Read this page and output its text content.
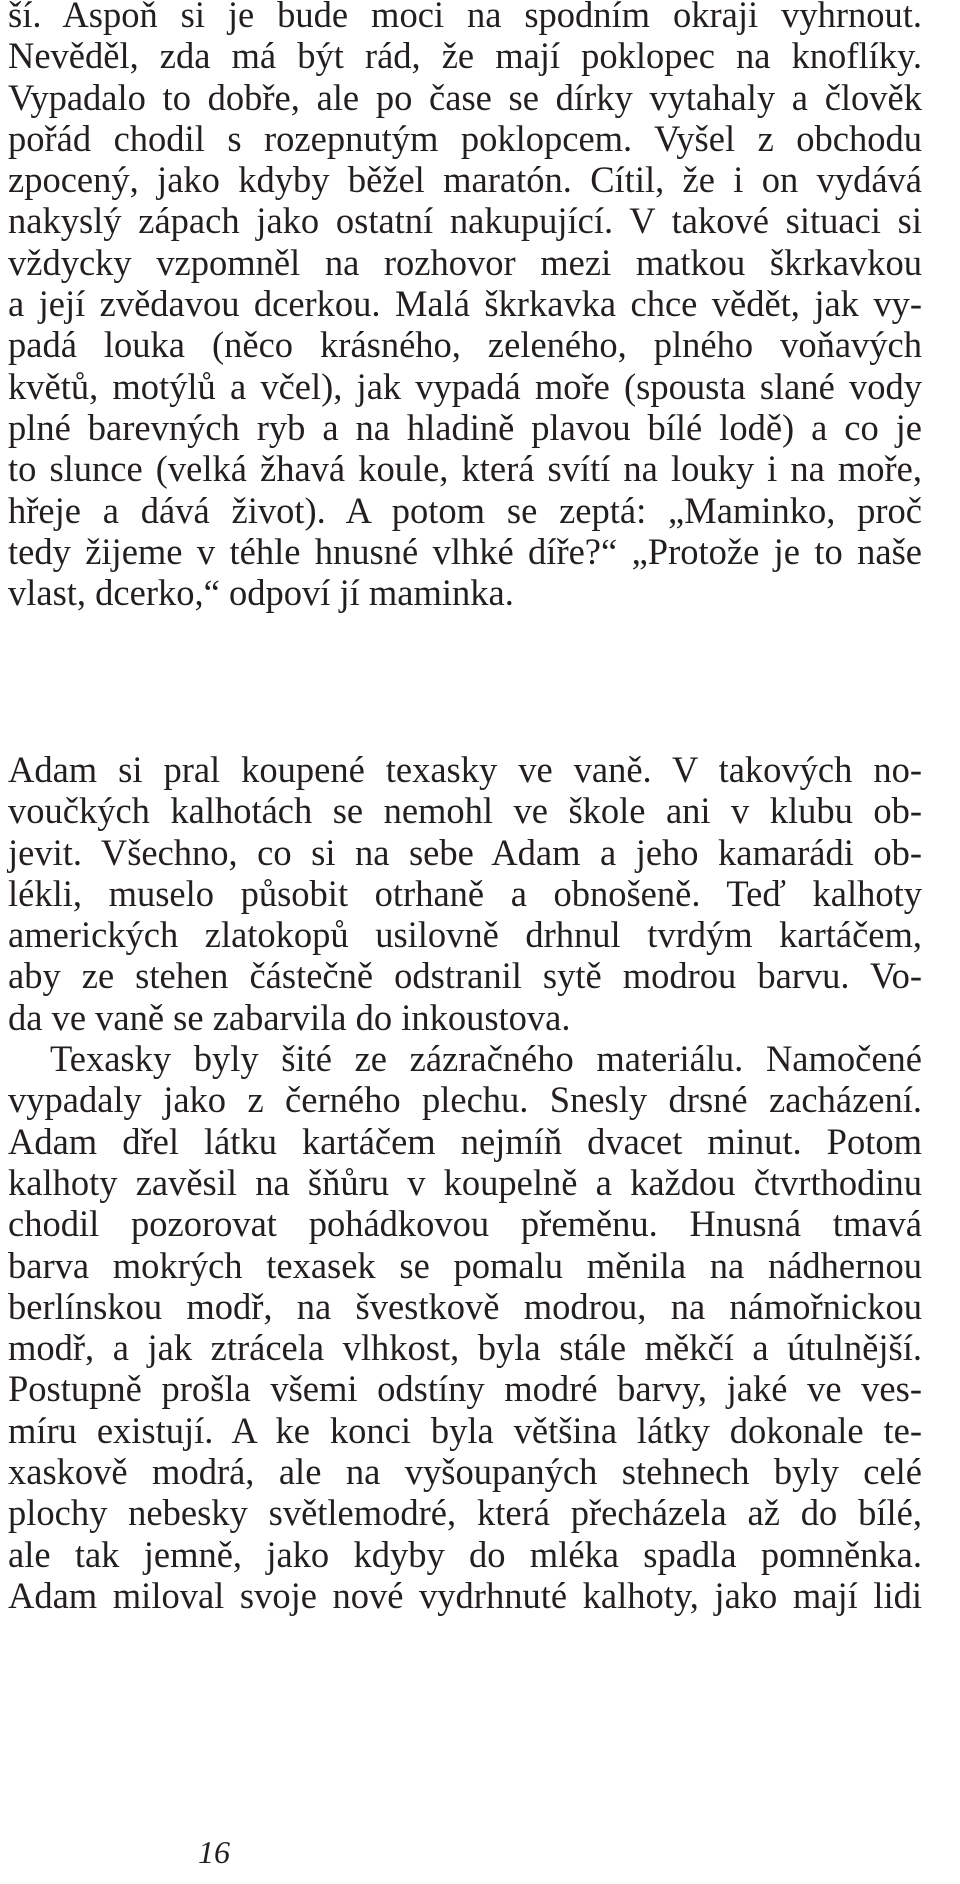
ší. Aspoň si je bude moci na spodním okraji vyhrnout.
Nevěděl, zda má být rád, že mají poklopec na knoflíky.
Vypadalo to dobře, ale po čase se dírky vytahaly a člověk
pořád chodil s rozepnutým poklopcem. Vyšel z obchodu
zpocený, jako kdyby běžel maratón. Cítil, že i on vydává
nakyslý zápach jako ostatní nakupující. V takové situaci si
vždycky vzpomněl na rozhovor mezi matkou škrkavkou
a její zvědavou dcerkou. Malá škrkavka chce vědět, jak vy-
padá louka (něco krásného, zeleného, plného voňavých
květů, motýlů a včel), jak vypadá moře (spousta slané vody
plné barevných ryb a na hladině plavou bílé lodě) a co je
to slunce (velká žhavá koule, která svítí na louky i na moře,
hřeje a dává život). A potom se zeptá: „Maminko, proč
tedy žijeme v téhle hnusné vlhké díře?“ „Protože je to naše
vlast, dcerko,“ odpoví jí maminka.
Adam si pral koupené texasky ve vaně. V takových no-
voučkých kalhotách se nemohl ve škole ani v klubu ob-
jevit. Všechno, co si na sebe Adam a jeho kamarádi ob-
lékli, muselo působit otrhaně a obnošeně. Teď kalhoty
amerických zlatokopů usilovně drhnul tvrdým kartáčem,
aby ze stehen částečně odstranil sytě modrou barvu. Vo-
da ve vaně se zabarvila do inkoustova.
Texasky byly šité ze zázračného materiálu. Namočené
vypadaly jako z černého plechu. Snesly drsné zacházení.
Adam dřel látku kartáčem nejmíň dvacet minut. Potom
kalhoty zavěsil na šňůru v koupelně a každou čtvrthodinu
chodil pozorovat pohádkovou přeměnu. Hnusná tmavá
barva mokrých texasek se pomalu měnila na nádhernou
berlínskou modř, na švestkově modrou, na námořnickou
modř, a jak ztrácela vlhkost, byla stále měkčí a útulnější.
Postupně prošla všemi odstíny modré barvy, jaké ve ves-
míru existují. A ke konci byla většina látky dokonale te-
xaskově modrá, ale na vyšoupaných stehnech byly celé
plochy nebesky světlemodré, která přecházela až do bílé,
ale tak jemně, jako kdyby do mléka spadla pomněnka.
Adam miloval svoje nové vydrhnuté kalhoty, jako mají lidi
16
